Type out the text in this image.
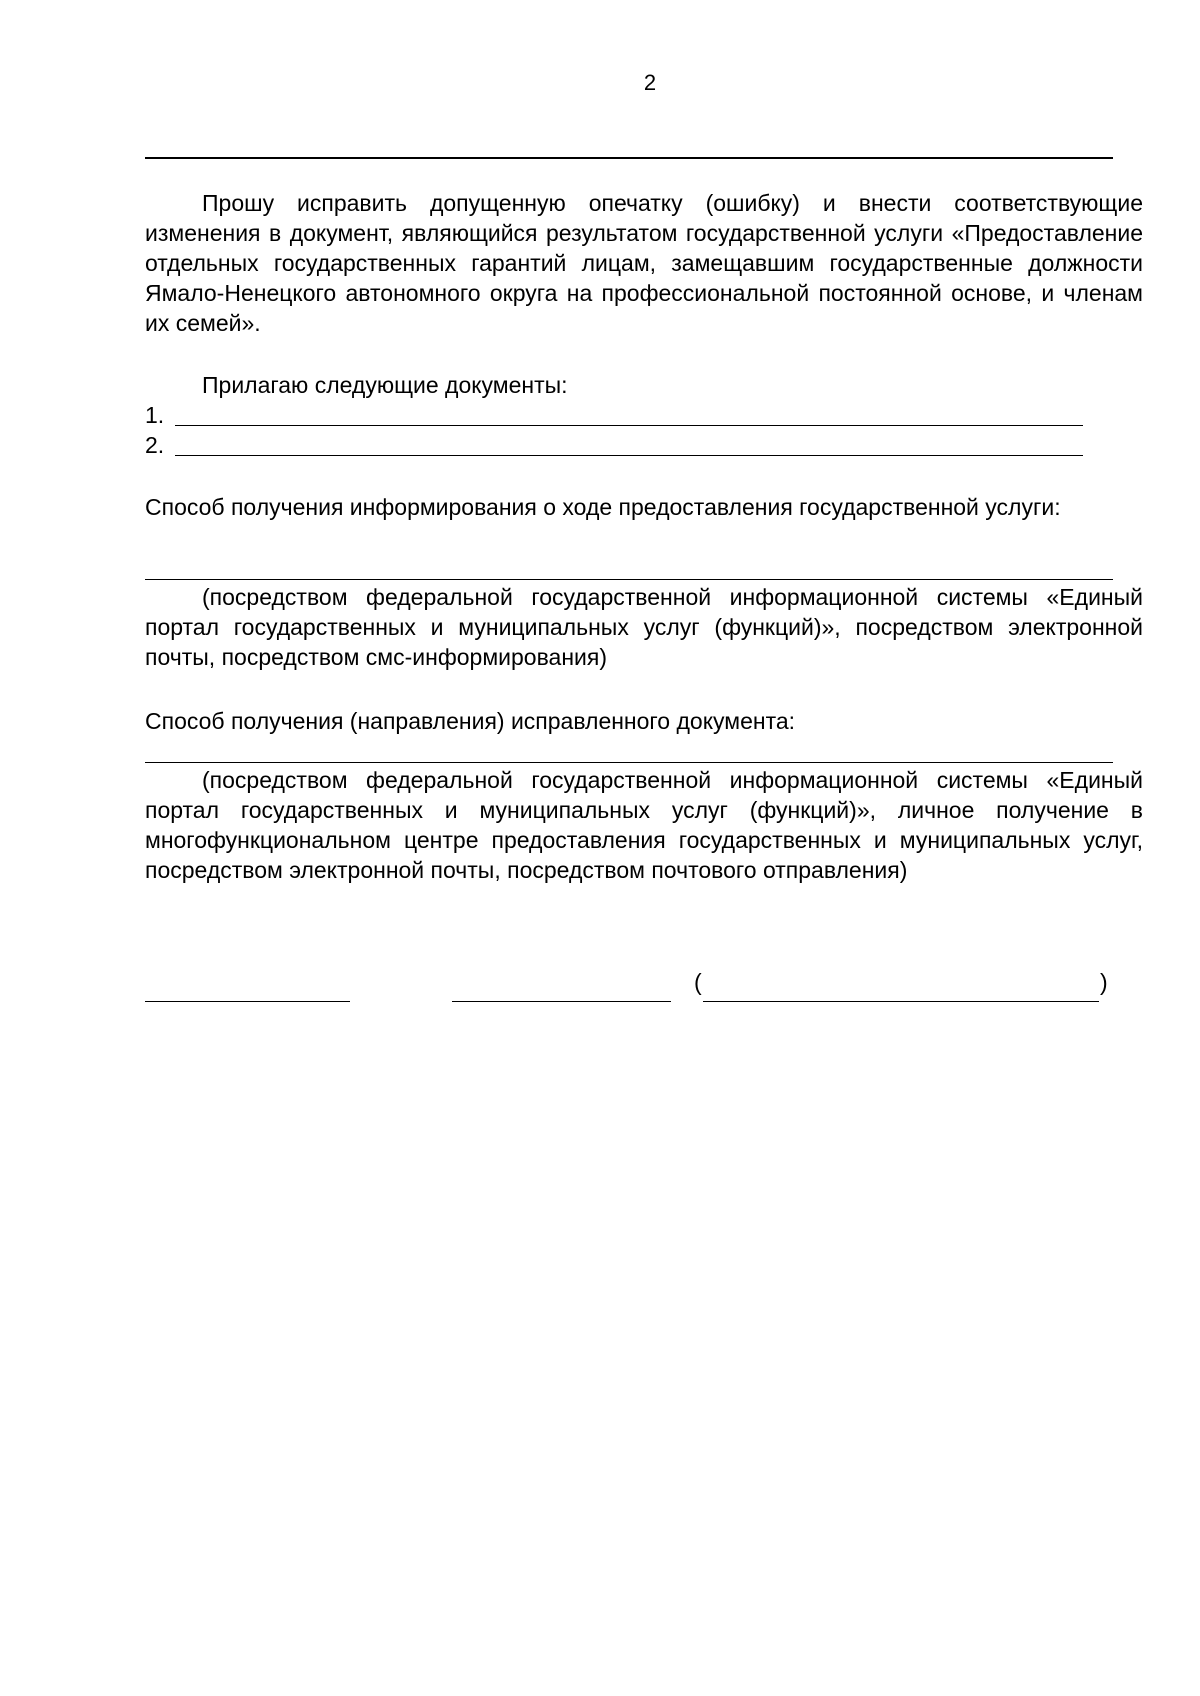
2
Прошу исправить допущенную опечатку (ошибку) и внести соответствующие изменения в документ, являющийся результатом государственной услуги «Предоставление отдельных государственных гарантий лицам, замещавшим государственные должности Ямало-Ненецкого автономного округа на профессиональной постоянной основе, и членам их семей».
Прилагаю следующие документы:
1.
2.
Способ получения информирования о ходе предоставления государственной услуги:
(посредством федеральной государственной информационной системы «Единый портал государственных и муниципальных услуг (функций)», посредством электронной почты, посредством смс-информирования)
Способ получения (направления) исправленного документа:
(посредством федеральной государственной информационной системы «Единый портал государственных и муниципальных услуг (функций)», личное получение в многофункциональном центре предоставления государственных и муниципальных услуг, посредством электронной почты, посредством почтового отправления)
(	)
